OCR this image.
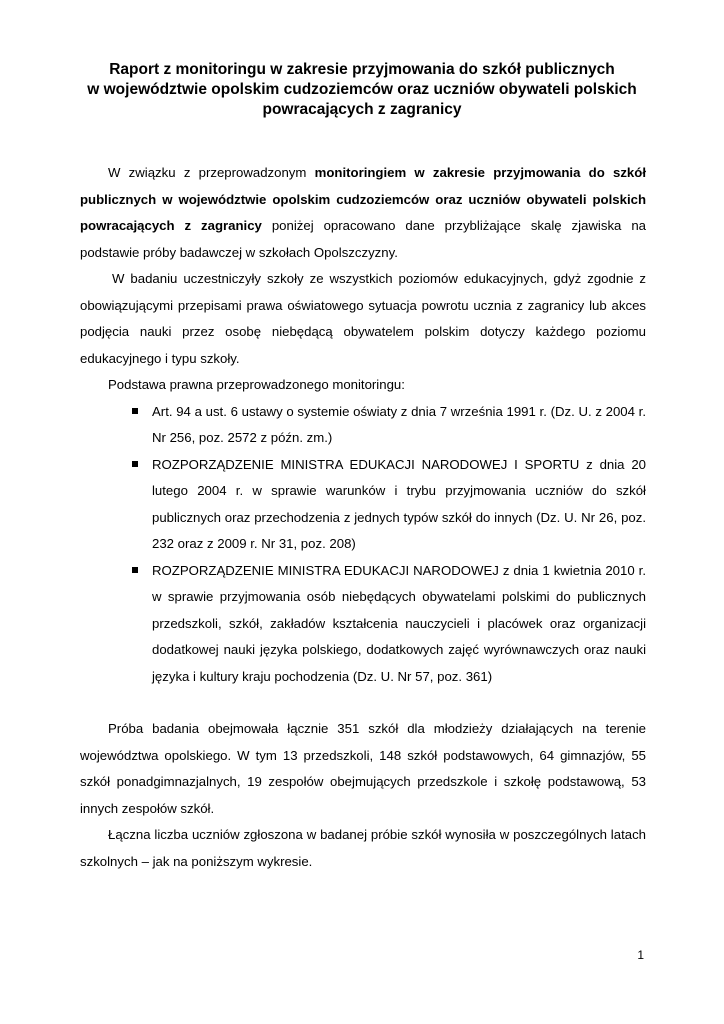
Raport z monitoringu w zakresie przyjmowania do szkół publicznych
w województwie opolskim cudzoziemców oraz uczniów obywateli polskich
powracających z zagranicy

W związku z przeprowadzonym monitoringiem w zakresie przyjmowania do szkół publicznych w województwie opolskim cudzoziemców oraz uczniów obywateli polskich powracających z zagranicy poniżej opracowano dane przybliżające skalę zjawiska na podstawie próby badawczej w szkołach Opolszczyzny.

W badaniu uczestniczyły szkoły ze wszystkich poziomów edukacyjnych, gdyż zgodnie z obowiązującymi przepisami prawa oświatowego sytuacja powrotu ucznia z zagranicy lub akces podjęcia nauki przez osobę niebędącą obywatelem polskim dotyczy każdego poziomu edukacyjnego i typu szkoły.

Podstawa prawna przeprowadzonego monitoringu:

Art. 94 a ust. 6 ustawy o systemie oświaty z dnia 7 września 1991 r. (Dz. U. z 2004 r. Nr 256, poz. 2572 z późn. zm.)
ROZPORZĄDZENIE MINISTRA EDUKACJI NARODOWEJ I SPORTU z dnia 20 lutego 2004 r. w sprawie warunków i trybu przyjmowania uczniów do szkół publicznych oraz przechodzenia z jednych typów szkół do innych (Dz. U. Nr 26, poz. 232 oraz z 2009 r. Nr 31, poz. 208)
ROZPORZĄDZENIE MINISTRA EDUKACJI NARODOWEJ z dnia 1 kwietnia 2010 r. w sprawie przyjmowania osób niebędących obywatelami polskimi do publicznych przedszkoli, szkół, zakładów kształcenia nauczycieli i placówek oraz organizacji dodatkowej nauki języka polskiego, dodatkowych zajęć wyrównawczych oraz nauki języka i kultury kraju pochodzenia (Dz. U. Nr 57, poz. 361)

Próba badania obejmowała łącznie 351 szkół dla młodzieży działających na terenie województwa opolskiego. W tym 13 przedszkoli, 148 szkół podstawowych, 64 gimnazjów, 55 szkół ponadgimnazjalnych, 19 zespołów obejmujących przedszkole i szkołę podstawową, 53 innych zespołów szkół.

Łączna liczba uczniów zgłoszona w badanej próbie szkół wynosiła w poszczególnych latach szkolnych – jak na poniższym wykresie.

1
